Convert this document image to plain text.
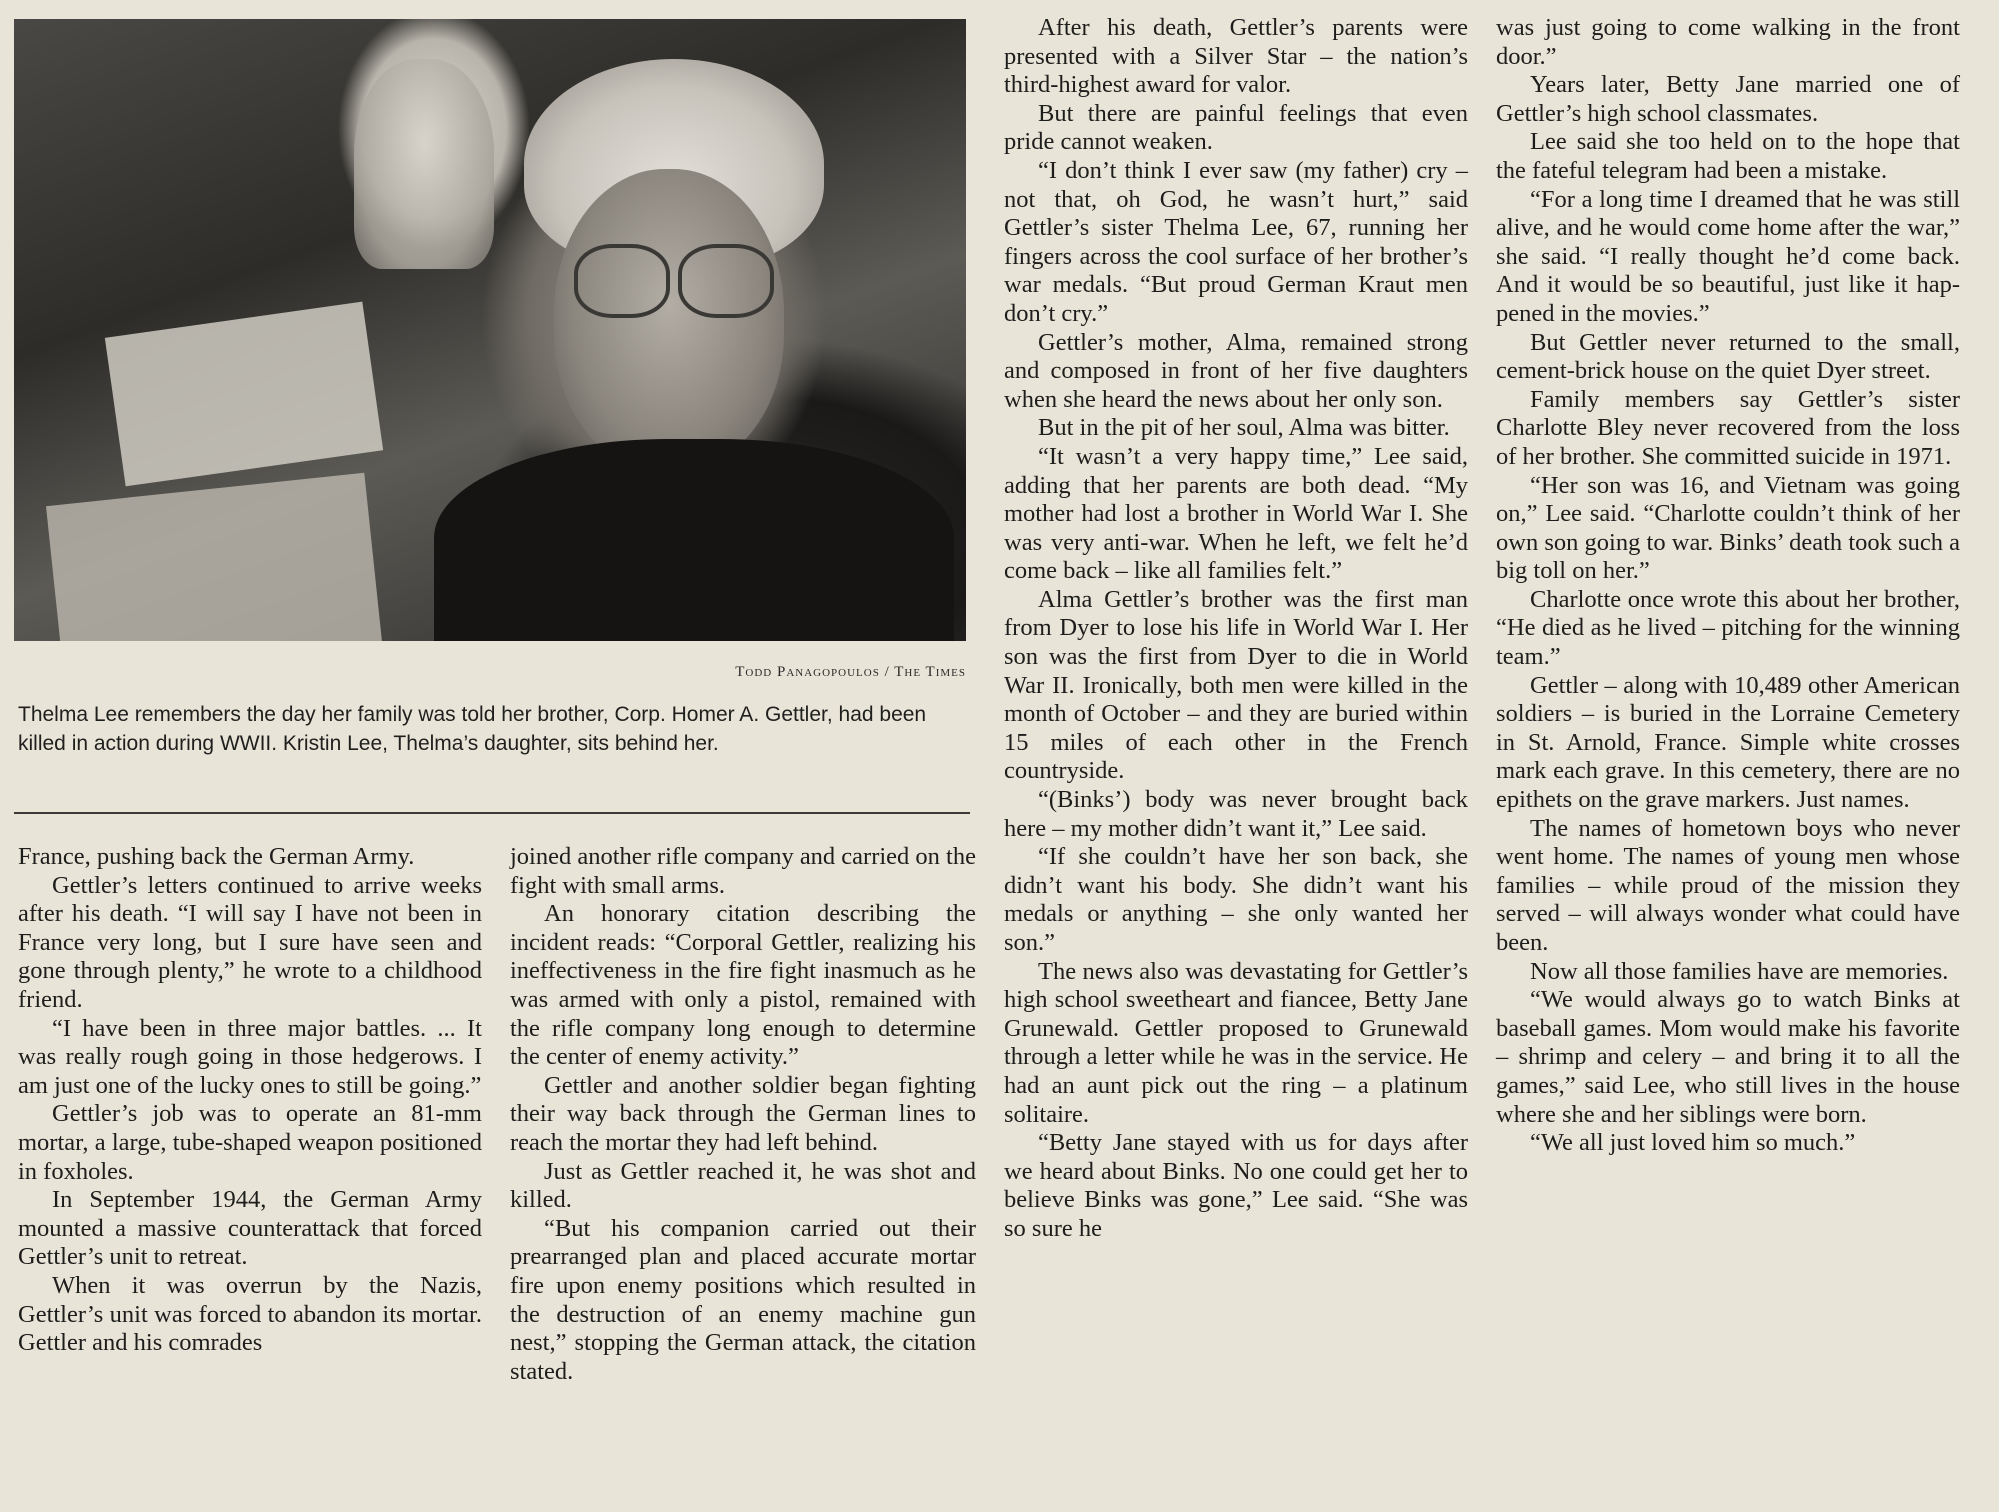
Todd Panagopoulos / The Times
Thelma Lee remembers the day her family was told her brother, Corp. Homer A. Gettler, had been killed in action during WWII. Kristin Lee, Thelma’s daughter, sits behind her.

France, pushing back the German Army.

Gettler’s letters continued to arrive weeks after his death. “I will say I have not been in France very long, but I sure have seen and gone through plenty,” he wrote to a childhood friend.

“I have been in three major battles. ... It was really rough going in those hedgerows. I am just one of the lucky ones to still be going.”

Gettler’s job was to operate an 81-mm mortar, a large, tube-shaped weapon positioned in foxholes.

In September 1944, the German Army mounted a massive counterattack that forced Gettler’s unit to retreat.

When it was overrun by the Nazis, Gettler’s unit was forced to abandon its mortar. Gettler and his comrades

joined another rifle company and carried on the fight with small arms.

An honorary citation describing the incident reads: “Corporal Gettler, realizing his ineffectiveness in the fire fight inasmuch as he was armed with only a pistol, remained with the rifle company long enough to determine the center of enemy activity.”

Gettler and another soldier began fighting their way back through the German lines to reach the mortar they had left behind.

Just as Gettler reached it, he was shot and killed.

“But his companion carried out their prearranged plan and placed accurate mortar fire upon enemy positions which resulted in the destruction of an enemy machine gun nest,” stopping the German attack, the citation stated.

After his death, Gettler’s parents were presented with a Silver Star – the nation’s third-highest award for valor.

But there are painful feelings that even pride cannot weaken.

“I don’t think I ever saw (my father) cry – not that, oh God, he wasn’t hurt,” said Gettler’s sister Thelma Lee, 67, running her fingers across the cool surface of her brother’s war medals. “But proud German Kraut men don’t cry.”

Gettler’s mother, Alma, remained strong and composed in front of her five daughters when she heard the news about her only son.

But in the pit of her soul, Alma was bitter.

“It wasn’t a very happy time,” Lee said, adding that her parents are both dead. “My mother had lost a brother in World War I. She was very anti-war. When he left, we felt he’d come back – like all families felt.”

Alma Gettler’s brother was the first man from Dyer to lose his life in World War I. Her son was the first from Dyer to die in World War II. Ironically, both men were killed in the month of October – and they are buried within 15 miles of each other in the French countryside.

“(Binks’) body was never brought back here – my mother didn’t want it,” Lee said.

“If she couldn’t have her son back, she didn’t want his body. She didn’t want his medals or anything – she only wanted her son.”

The news also was devastating for Gettler’s high school sweetheart and fiancee, Betty Jane Grunewald. Gettler proposed to Grunewald through a letter while he was in the service. He had an aunt pick out the ring – a platinum solitaire.

“Betty Jane stayed with us for days after we heard about Binks. No one could get her to believe Binks was gone,” Lee said. “She was so sure he

was just going to come walking in the front door.”

Years later, Betty Jane married one of Gettler’s high school classmates.

Lee said she too held on to the hope that the fateful telegram had been a mistake.

“For a long time I dreamed that he was still alive, and he would come home after the war,” she said. “I really thought he’d come back. And it would be so beautiful, just like it happened in the movies.”

But Gettler never returned to the small, cement-brick house on the quiet Dyer street.

Family members say Gettler’s sister Charlotte Bley never recovered from the loss of her brother. She committed suicide in 1971.

“Her son was 16, and Vietnam was going on,” Lee said. “Charlotte couldn’t think of her own son going to war. Binks’ death took such a big toll on her.”

Charlotte once wrote this about her brother, “He died as he lived – pitching for the winning team.”

Gettler – along with 10,489 other American soldiers – is buried in the Lorraine Cemetery in St. Arnold, France. Simple white crosses mark each grave. In this cemetery, there are no epithets on the grave markers. Just names.

The names of hometown boys who never went home. The names of young men whose families – while proud of the mission they served – will always wonder what could have been.

Now all those families have are memories.

“We would always go to watch Binks at baseball games. Mom would make his favorite – shrimp and celery – and bring it to all the games,” said Lee, who still lives in the house where she and her siblings were born.

“We all just loved him so much.”
